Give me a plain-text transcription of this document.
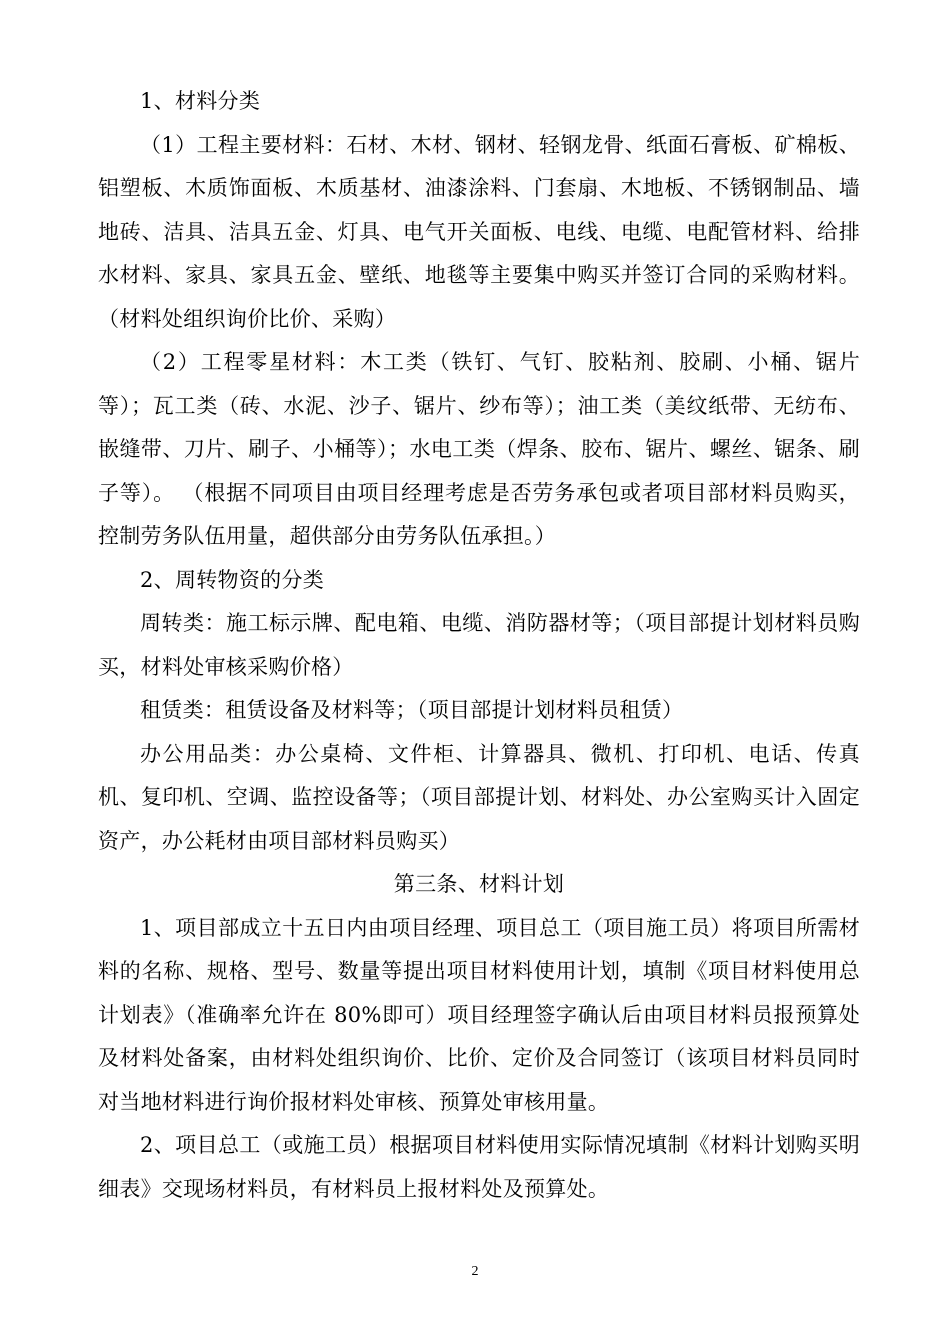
1、材料分类

（1）工程主要材料：石材、木材、钢材、轻钢龙骨、纸面石膏板、矿棉板、铝塑板、木质饰面板、木质基材、油漆涂料、门套扇、木地板、不锈钢制品、墙地砖、洁具、洁具五金、灯具、电气开关面板、电线、电缆、电配管材料、给排水材料、家具、家具五金、壁纸、地毯等主要集中购买并签订合同的采购材料。（材料处组织询价比价、采购）

（2）工程零星材料：木工类（铁钉、气钉、胶粘剂、胶刷、小桶、锯片等）；瓦工类（砖、水泥、沙子、锯片、纱布等）；油工类（美纹纸带、无纺布、嵌缝带、刀片、刷子、小桶等）；水电工类（焊条、胶布、锯片、螺丝、锯条、刷子等）。 （根据不同项目由项目经理考虑是否劳务承包或者项目部材料员购买，控制劳务队伍用量，超供部分由劳务队伍承担。）

2、周转物资的分类

周转类：施工标示牌、配电箱、电缆、消防器材等；（项目部提计划材料员购买，材料处审核采购价格）

租赁类：租赁设备及材料等；（项目部提计划材料员租赁）

办公用品类：办公桌椅、文件柜、计算器具、微机、打印机、电话、传真机、复印机、空调、监控设备等；（项目部提计划、材料处、办公室购买计入固定资产，办公耗材由项目部材料员购买）

第三条、材料计划

1、项目部成立十五日内由项目经理、项目总工（项目施工员）将项目所需材料的名称、规格、型号、数量等提出项目材料使用计划，填制《项目材料使用总计划表》（准确率允许在 80%即可）项目经理签字确认后由项目材料员报预算处及材料处备案，由材料处组织询价、比价、定价及合同签订（该项目材料员同时对当地材料进行询价报材料处审核、预算处审核用量。

2、项目总工（或施工员）根据项目材料使用实际情况填制《材料计划购买明细表》交现场材料员，有材料员上报材料处及预算处。

2
